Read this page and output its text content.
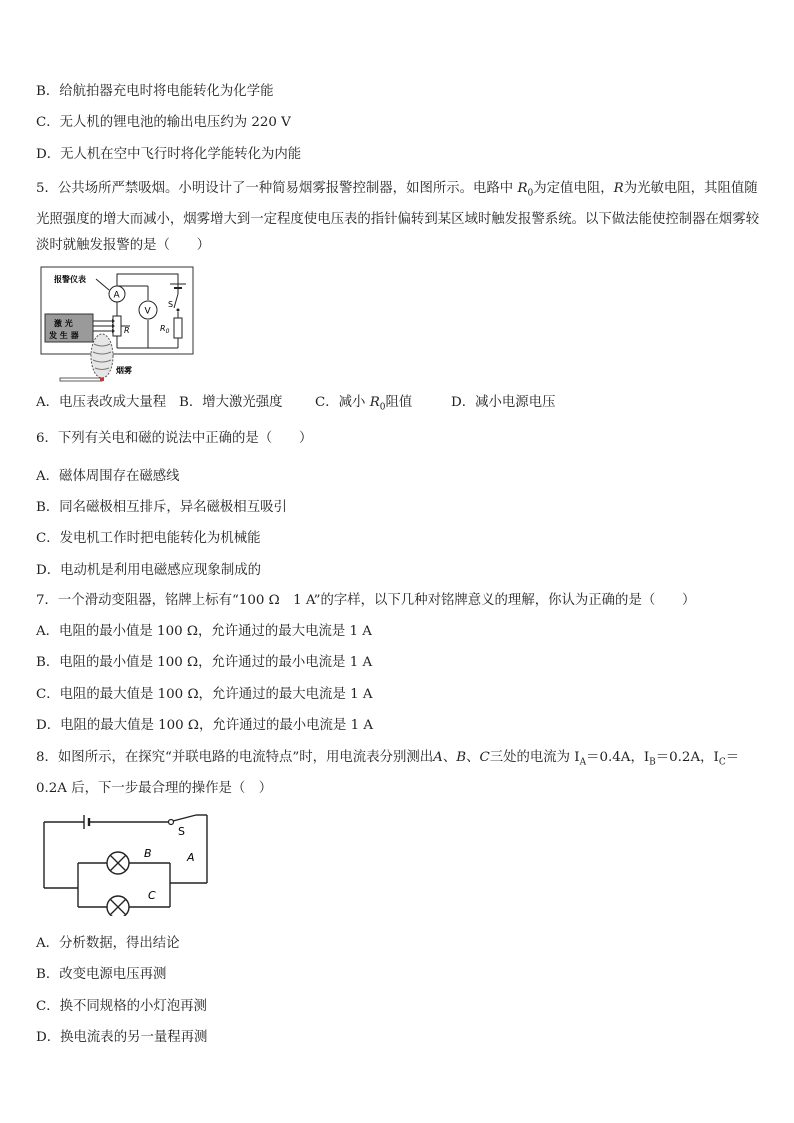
B．给航拍器充电时将电能转化为化学能
C．无人机的锂电池的输出电压约为 220 V
D．无人机在空中飞行时将化学能转化为内能
5．公共场所严禁吸烟。小明设计了一种简易烟雾报警控制器，如图所示。电路中 $R_0$为定值电阻，R为光敏电阻，其阻值随光照强度的增大而减小，烟雾增大到一定程度使电压表的指针偏转到某区域时触发报警系统。以下做法能使控制器在烟雾较淡时就触发报警的是（　　）
A
V
R	$R_0$
S
报警仪表
激 光
发 生 器
烟雾
A．电压表改成大量程 B．增大激光强度 C．减小 $R_0$阻值	D．减小电源电压
6．下列有关电和磁的说法中正确的是（　　）
A．磁体周围存在磁感线
B．同名磁极相互排斥，异名磁极相互吸引
C．发电机工作时把电能转化为机械能
D．电动机是利用电磁感应现象制成的
7．一个滑动变阻器，铭牌上标有“100 Ω　1 A”的字样，以下几种对铭牌意义的理解，你认为正确的是（　　）
A．电阻的最小值是 100 Ω，允许通过的最大电流是 1 A
B．电阻的最小值是 100 Ω，允许通过的最小电流是 1 A
C．电阻的最大值是 100 Ω，允许通过的最大电流是 1 A
D．电阻的最大值是 100 Ω，允许通过的最小电流是 1 A
8．如图所示，在探究“并联电路的电流特点”时，用电流表分别测出A、B、C三处的电流为 $I_A=0.4A$，$I_B=0.2A$，$I_C=0.2A$ 后，下一步最合理的操作是（　）
S
B
C
A
A．分析数据，得出结论
B．改变电源电压再测
C．换不同规格的小灯泡再测
D．换电流表的另一量程再测
